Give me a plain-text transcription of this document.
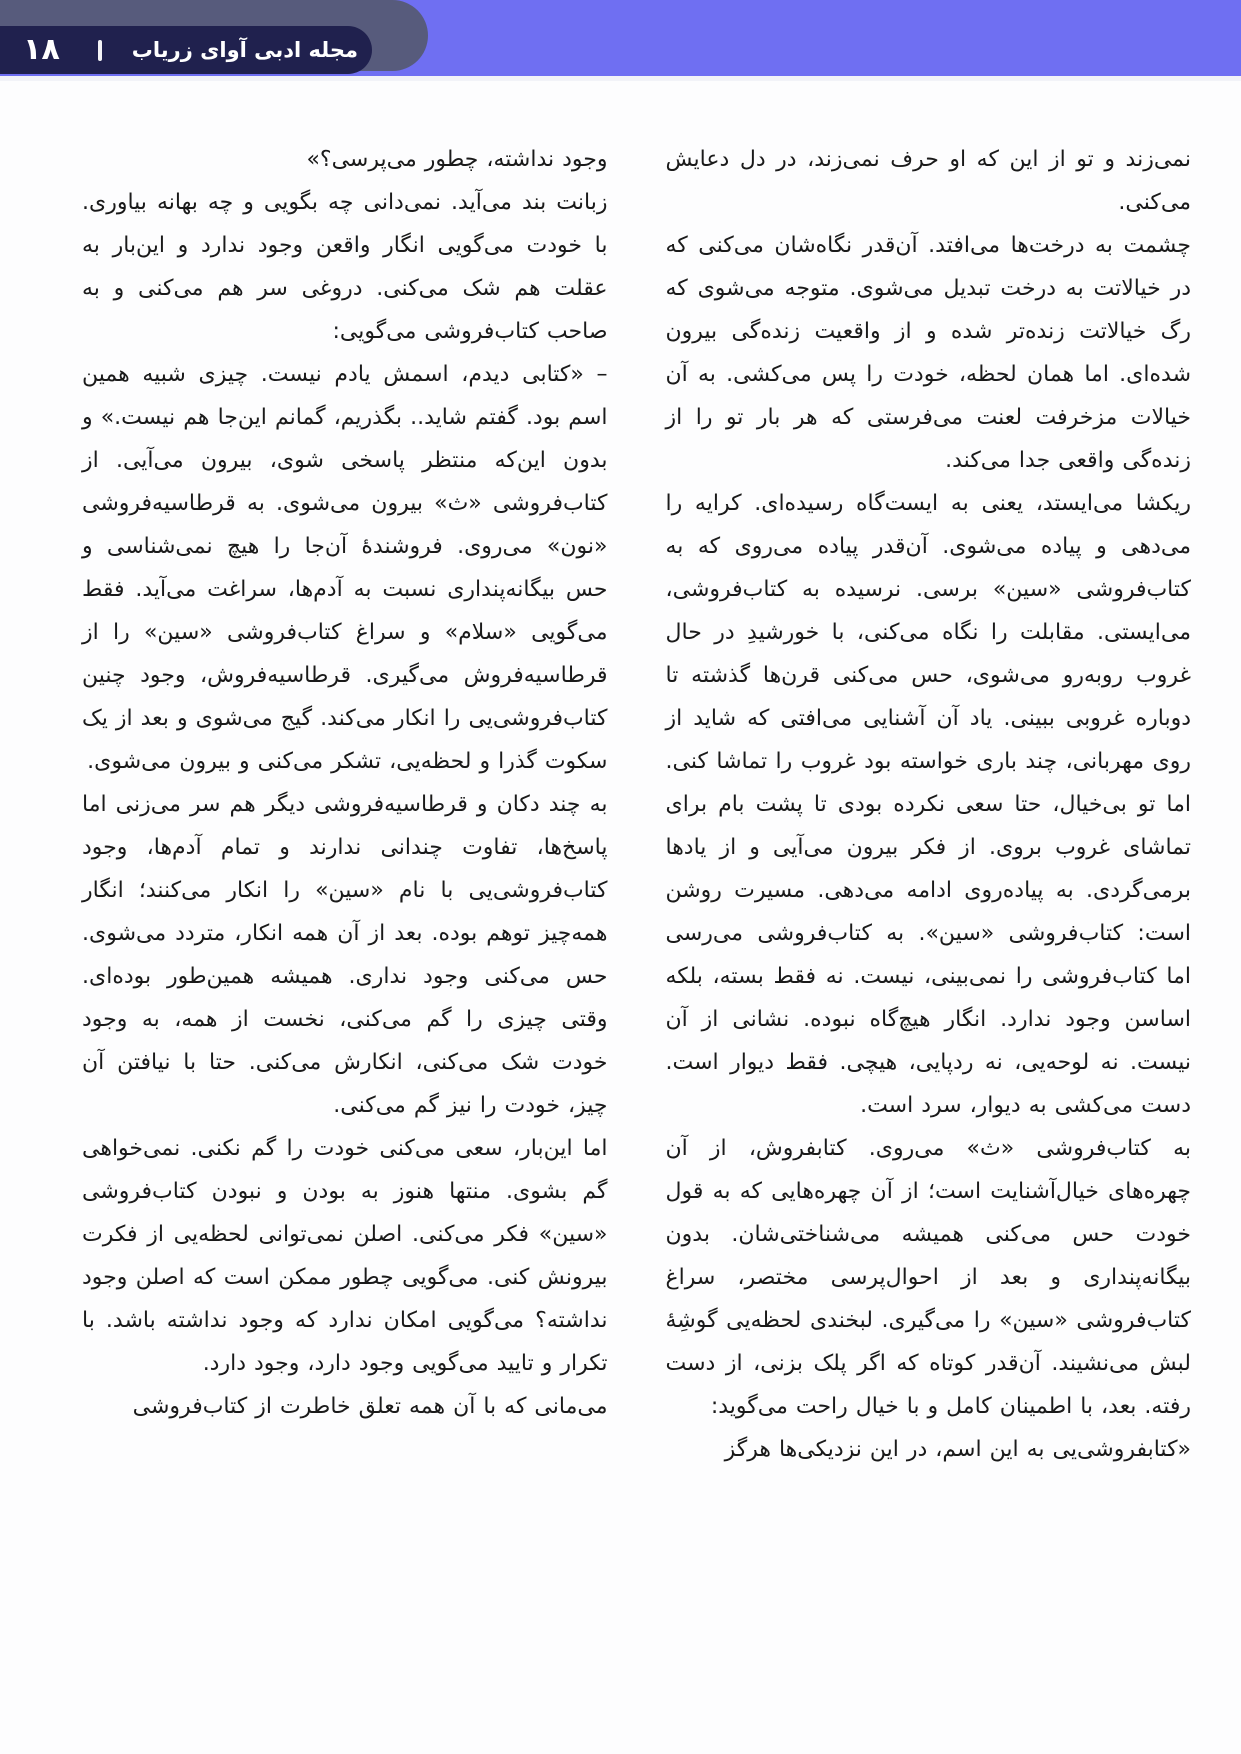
مجله ادبی آوای زریاب
۱۸

نمی‌زند و تو از این که او حرف نمی‌زند، در دل دعایش می‌کنی.

چشمت به درخت‌ها می‌افتد. آن‌قدر نگاه‌شان می‌کنی که در خیالاتت به درخت تبدیل می‌شوی. متوجه می‌شوی که رگ خیالاتت زنده‌تر شده و از واقعیت زنده‌گی بیرون شده‌ای. اما همان لحظه، خودت را پس می‌کشی. به آن خیالات مزخرفت لعنت می‌فرستی که هر بار تو را از زنده‌گی واقعی جدا می‌کند.

ریکشا می‌ایستد، یعنی به ایست‌گاه رسیده‌ای. کرایه را می‌دهی و پیاده می‌شوی. آن‌قدر پیاده می‌روی که به کتاب‌فروشی «سین» برسی. نرسیده به کتاب‌فروشی، می‌ایستی. مقابلت را نگاه می‌کنی، با خورشیدِ در حال غروب روبه‌رو می‌شوی، حس می‌کنی قرن‌ها گذشته تا دوباره غروبی ببینی. یاد آن آشنایی می‌افتی که شاید از روی مهربانی، چند باری خواسته بود غروب را تماشا کنی. اما تو بی‌خیال، حتا سعی نکرده بودی تا پشت بام برای تماشای غروب بروی. از فکر بیرون می‌آیی و از یادها برمی‌گردی. به پیاده‌روی ادامه می‌دهی. مسیرت روشن است: کتاب‌فروشی «سین». به کتاب‌فروشی می‌رسی اما کتاب‌فروشی را نمی‌بینی، نیست. نه فقط بسته، بلکه اساسن وجود ندارد. انگار هیچ‌گاه نبوده. نشانی از آن نیست. نه لوحه‌یی، نه ردپایی، هیچی. فقط دیوار است. دست می‌کشی به دیوار، سرد است.

به کتاب‌فروشی «ث» می‌روی. کتابفروش، از آن چهره‌های خیال‌آشنایت است؛ از آن چهره‌هایی که به قول خودت حس می‌کنی همیشه می‌شناختی‌شان. بدون بیگانه‌پنداری و بعد از احوال‌پرسی مختصر، سراغ کتاب‌فروشی «سین» را می‌گیری. لبخندی لحظه‌یی گوشِهٔ لبش می‌نشیند. آن‌قدر کوتاه که اگر پلک بزنی، از دست رفته. بعد، با اطمینان کامل و با خیال راحت می‌گوید:

«کتابفروشی‌یی به این اسم، در این نزدیکی‌ها هرگز

وجود نداشته، چطور می‌پرسی؟»

زبانت بند می‌آید. نمی‌دانی چه بگویی و چه بهانه بیاوری. با خودت می‌گویی انگار واقعن وجود ندارد و این‌بار به عقلت هم شک می‌کنی. دروغی سر هم می‌کنی و به صاحب کتاب‌فروشی می‌گویی:

– «کتابی دیدم، اسمش یادم نیست. چیزی شبیه همین اسم بود. گفتم شاید.. بگذریم، گمانم این‌جا هم نیست.» و بدون این‌که منتظر پاسخی شوی، بیرون می‌آیی. از کتاب‌فروشی «ث» بیرون می‌شوی. به قرطاسیه‌فروشی «نون» می‌روی. فروشندهٔ آن‌جا را هیچ نمی‌شناسی و حس بیگانه‌پنداری نسبت به آدم‌ها، سراغت می‌آید. فقط می‌گویی «سلام» و سراغ کتاب‌فروشی «سین» را از قرطاسیه‌فروش می‌گیری. قرطاسیه‌فروش، وجود چنین کتاب‌فروشی‌یی را انکار می‌کند. گیج می‌شوی و بعد از یک سکوت گذرا و لحظه‌یی، تشکر می‌کنی و بیرون می‌شوی.

به چند دکان و قرطاسیه‌فروشی دیگر هم سر می‌زنی اما پاسخ‌ها، تفاوت چندانی ندارند و تمام آدم‌ها، وجود کتاب‌فروشی‌یی با نام «سین» را انکار می‌کنند؛ انگار همه‌چیز توهم بوده. بعد از آن همه انکار، متردد می‌شوی. حس می‌کنی وجود نداری. همیشه همین‌طور بوده‌ای. وقتی چیزی را گم می‌کنی، نخست از همه، به وجود خودت شک می‌کنی، انکارش می‌کنی. حتا با نیافتن آن چیز، خودت را نیز گم می‌کنی.

اما این‌بار، سعی می‌کنی خودت را گم نکنی. نمی‌خواهی گم بشوی. منتها هنوز به بودن و نبودن کتاب‌فروشی «سین» فکر می‌کنی. اصلن نمی‌توانی لحظه‌یی از فکرت بیرونش کنی. می‌گویی چطور ممکن است که اصلن وجود نداشته؟ می‌گویی امکان ندارد که وجود نداشته باشد. با تکرار و تایید می‌گویی وجود دارد، وجود دارد.

می‌مانی که با آن همه تعلق خاطرت از کتاب‌فروشی
